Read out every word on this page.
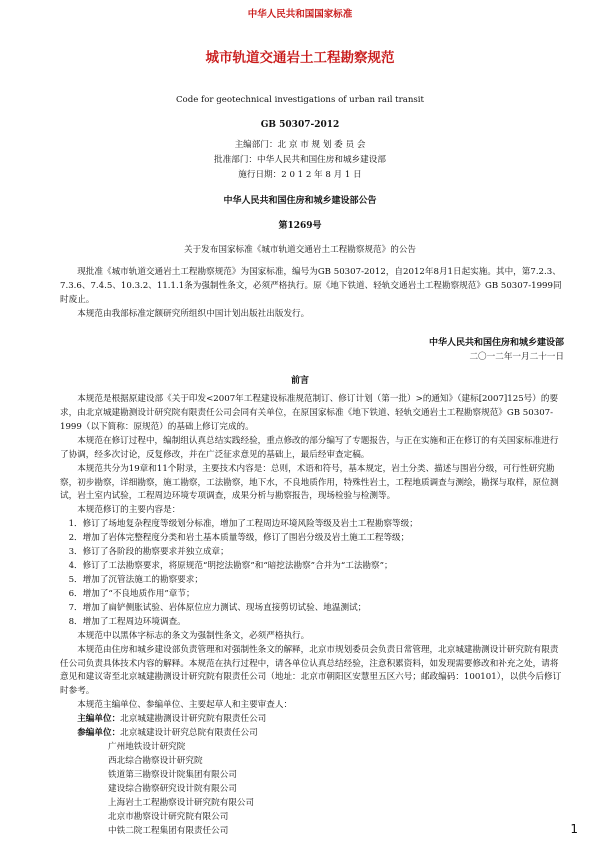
中华人民共和国国家标准
城市轨道交通岩土工程勘察规范
Code for geotechnical investigations of urban rail transit
GB 50307-2012
主编部门：北 京 市 规 划 委 员 会
批准部门：中华人民共和国住房和城乡建设部
施行日期：2 0 1 2 年 8 月 1 日
中华人民共和国住房和城乡建设部公告
第1269号
关于发布国家标准《城市轨道交通岩土工程勘察规范》的公告

现批准《城市轨道交通岩土工程勘察规范》为国家标准，编号为GB 50307-2012，自2012年8月1日起实施。其中，第7.2.3、7.3.6、7.4.5、10.3.2、11.1.1条为强制性条文，必须严格执行。原《地下铁道、轻轨交通岩土工程勘察规范》GB 50307-1999同时废止。

本规范由我部标准定额研究所组织中国计划出版社出版发行。

中华人民共和国住房和城乡建设部
二〇一二年一月二十一日
前言

本规范是根据原建设部《关于印发<2007年工程建设标准规范制订、修订计划（第一批）>的通知》（建标[2007]125号）的要求，由北京城建勘测设计研究院有限责任公司会同有关单位，在原国家标准《地下铁道、轻轨交通岩土工程勘察规范》GB 50307-1999（以下简称：原规范）的基础上修订完成的。

本规范在修订过程中，编制组认真总结实践经验，重点修改的部分编写了专题报告，与正在实施和正在修订的有关国家标准进行了协调，经多次讨论，反复修改，并在广泛征求意见的基础上，最后经审查定稿。

本规范共分为19章和11个附录，主要技术内容是：总则，术语和符号，基本规定，岩土分类、描述与围岩分级，可行性研究勘察，初步勘察，详细勘察，施工勘察，工法勘察，地下水，不良地质作用，特殊性岩土，工程地质调查与测绘，勘探与取样，原位测试，岩土室内试验，工程周边环境专项调查，成果分析与勘察报告，现场检验与检测等。

本规范修订的主要内容是：

1．修订了场地复杂程度等级划分标准，增加了工程周边环境风险等级及岩土工程勘察等级；

2．增加了岩体完整程度分类和岩土基本质量等级，修订了围岩分级及岩土施工工程等级；

3．修订了各阶段的勘察要求并独立成章；

4．修订了工法勘察要求，将原规范“明挖法勘察”和“暗挖法勘察”合并为“工法勘察”；

5．增加了沉管法施工的勘察要求；

6．增加了“不良地质作用”章节；

7．增加了扁铲侧胀试验、岩体原位应力测试、现场直接剪切试验、地温测试；

8．增加了工程周边环境调查。

本规范中以黑体字标志的条文为强制性条文，必须严格执行。

本规范由住房和城乡建设部负责管理和对强制性条文的解释，北京市规划委员会负责日常管理，北京城建勘测设计研究院有限责任公司负责具体技术内容的解释。本规范在执行过程中，请各单位认真总结经验，注意积累资料，如发现需要修改和补充之处，请将意见和建议寄至北京城建勘测设计研究院有限责任公司（地址：北京市朝阳区安慧里五区六号；邮政编码：100101），以供今后修订时参考。

本规范主编单位、参编单位、主要起草人和主要审查人：

主编单位：北京城建勘测设计研究院有限责任公司

参编单位：北京城建设计研究总院有限责任公司

广州地铁设计研究院

西北综合勘察设计研究院

铁道第三勘察设计院集团有限公司

建设综合勘察研究设计院有限公司

上海岩土工程勘察设计研究院有限公司

北京市勘察设计研究院有限公司

中铁二院工程集团有限责任公司	1
